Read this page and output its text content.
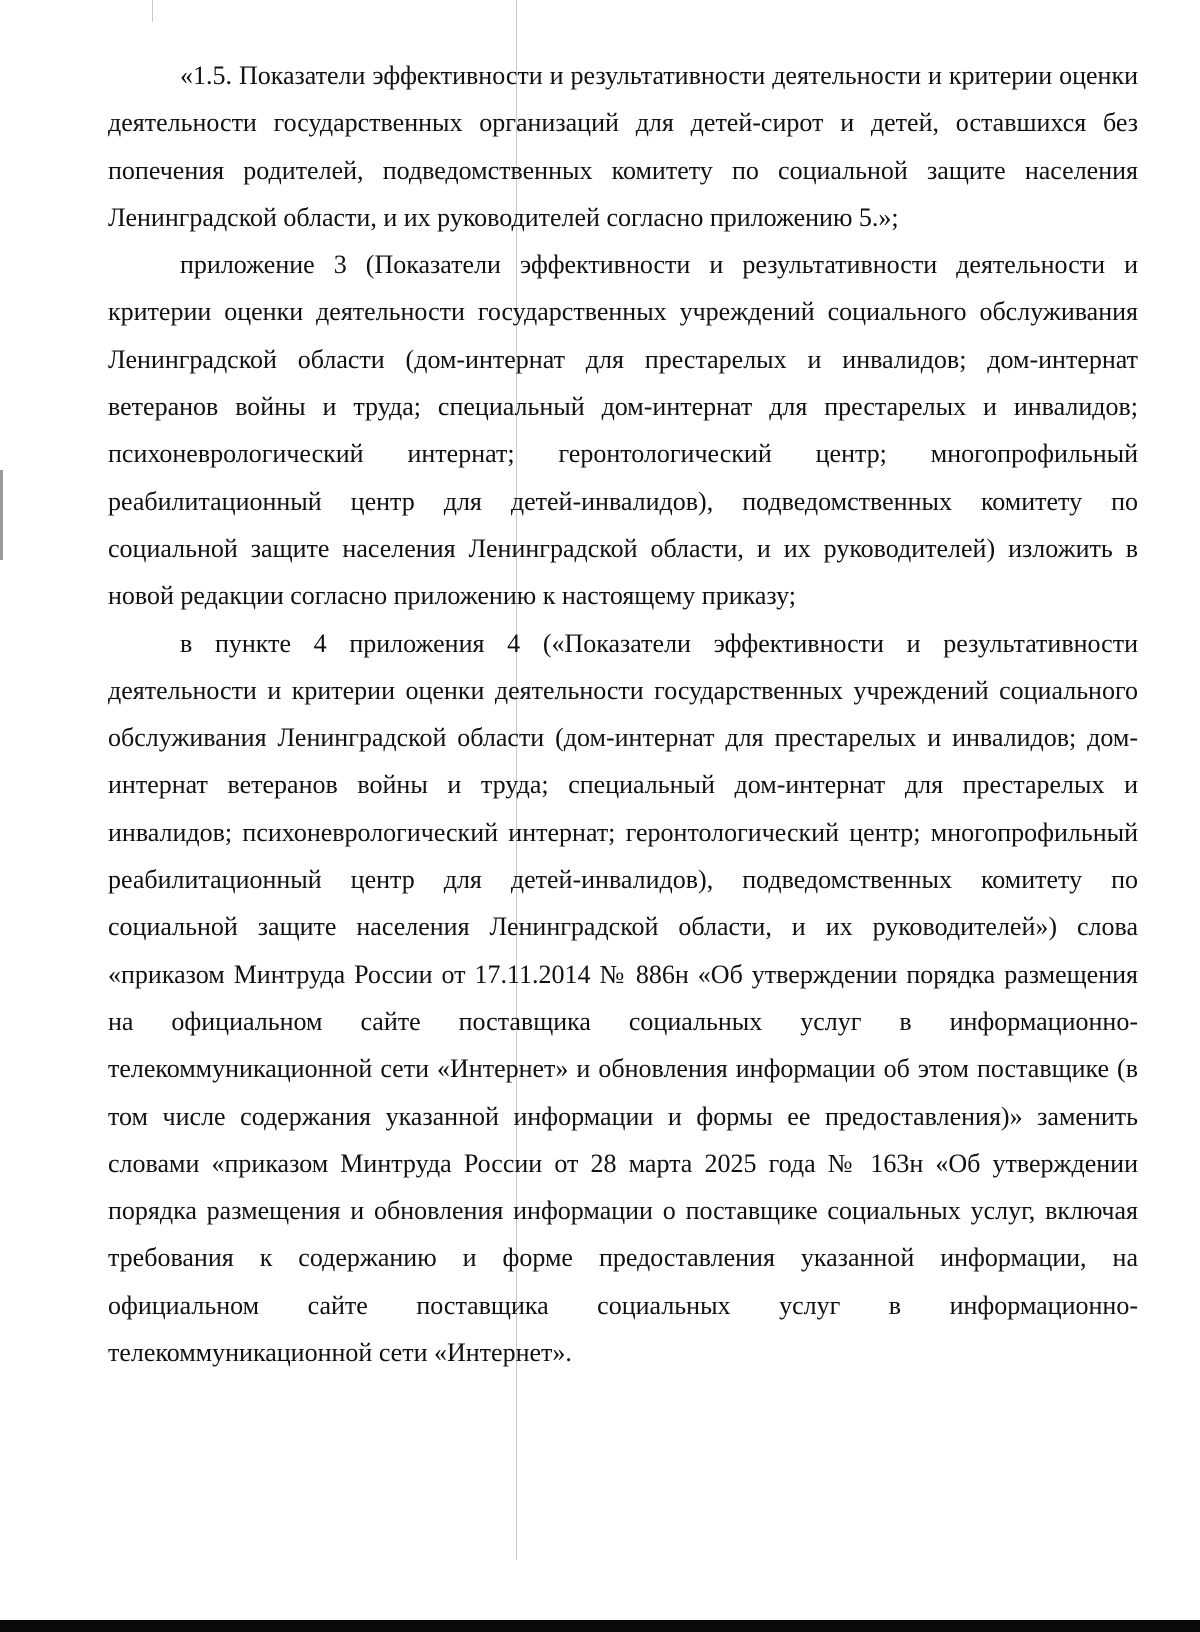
«1.5. Показатели эффективности и результативности деятельности и критерии оценки деятельности государственных организаций для детей-сирот и детей, оставшихся без попечения родителей, подведомственных комитету по социальной защите населения Ленинградской области, и их руководителей согласно приложению 5.»;

приложение 3 (Показатели эффективности и результативности деятельности и критерии оценки деятельности государственных учреждений социального обслуживания Ленинградской области (дом-интернат для престарелых и инвалидов; дом-интернат ветеранов войны и труда; специальный дом-интернат для престарелых и инвалидов; психоневрологический интернат; геронтологический центр; многопрофильный реабилитационный центр для детей-инвалидов), подведомственных комитету по социальной защите населения Ленинградской области, и их руководителей) изложить в новой редакции согласно приложению к настоящему приказу;

в пункте 4 приложения 4 («Показатели эффективности и результативности деятельности и критерии оценки деятельности государственных учреждений социального обслуживания Ленинградской области (дом-интернат для престарелых и инвалидов; дом-интернат ветеранов войны и труда; специальный дом-интернат для престарелых и инвалидов; психоневрологический интернат; геронтологический центр; многопрофильный реабилитационный центр для детей-инвалидов), подведомственных комитету по социальной защите населения Ленинградской области, и их руководителей») слова «приказом Минтруда России от 17.11.2014 № 886н «Об утверждении порядка размещения на официальном сайте поставщика социальных услуг в информационно-телекоммуникационной сети «Интернет» и обновления информации об этом поставщике (в том числе содержания указанной информации и формы ее предоставления)» заменить словами «приказом Минтруда России от 28 марта 2025 года № 163н «Об утверждении порядка размещения и обновления информации о поставщике социальных услуг, включая требования к содержанию и форме предоставления указанной информации, на официальном сайте поставщика социальных услуг в информационно-телекоммуникационной сети «Интернет».
